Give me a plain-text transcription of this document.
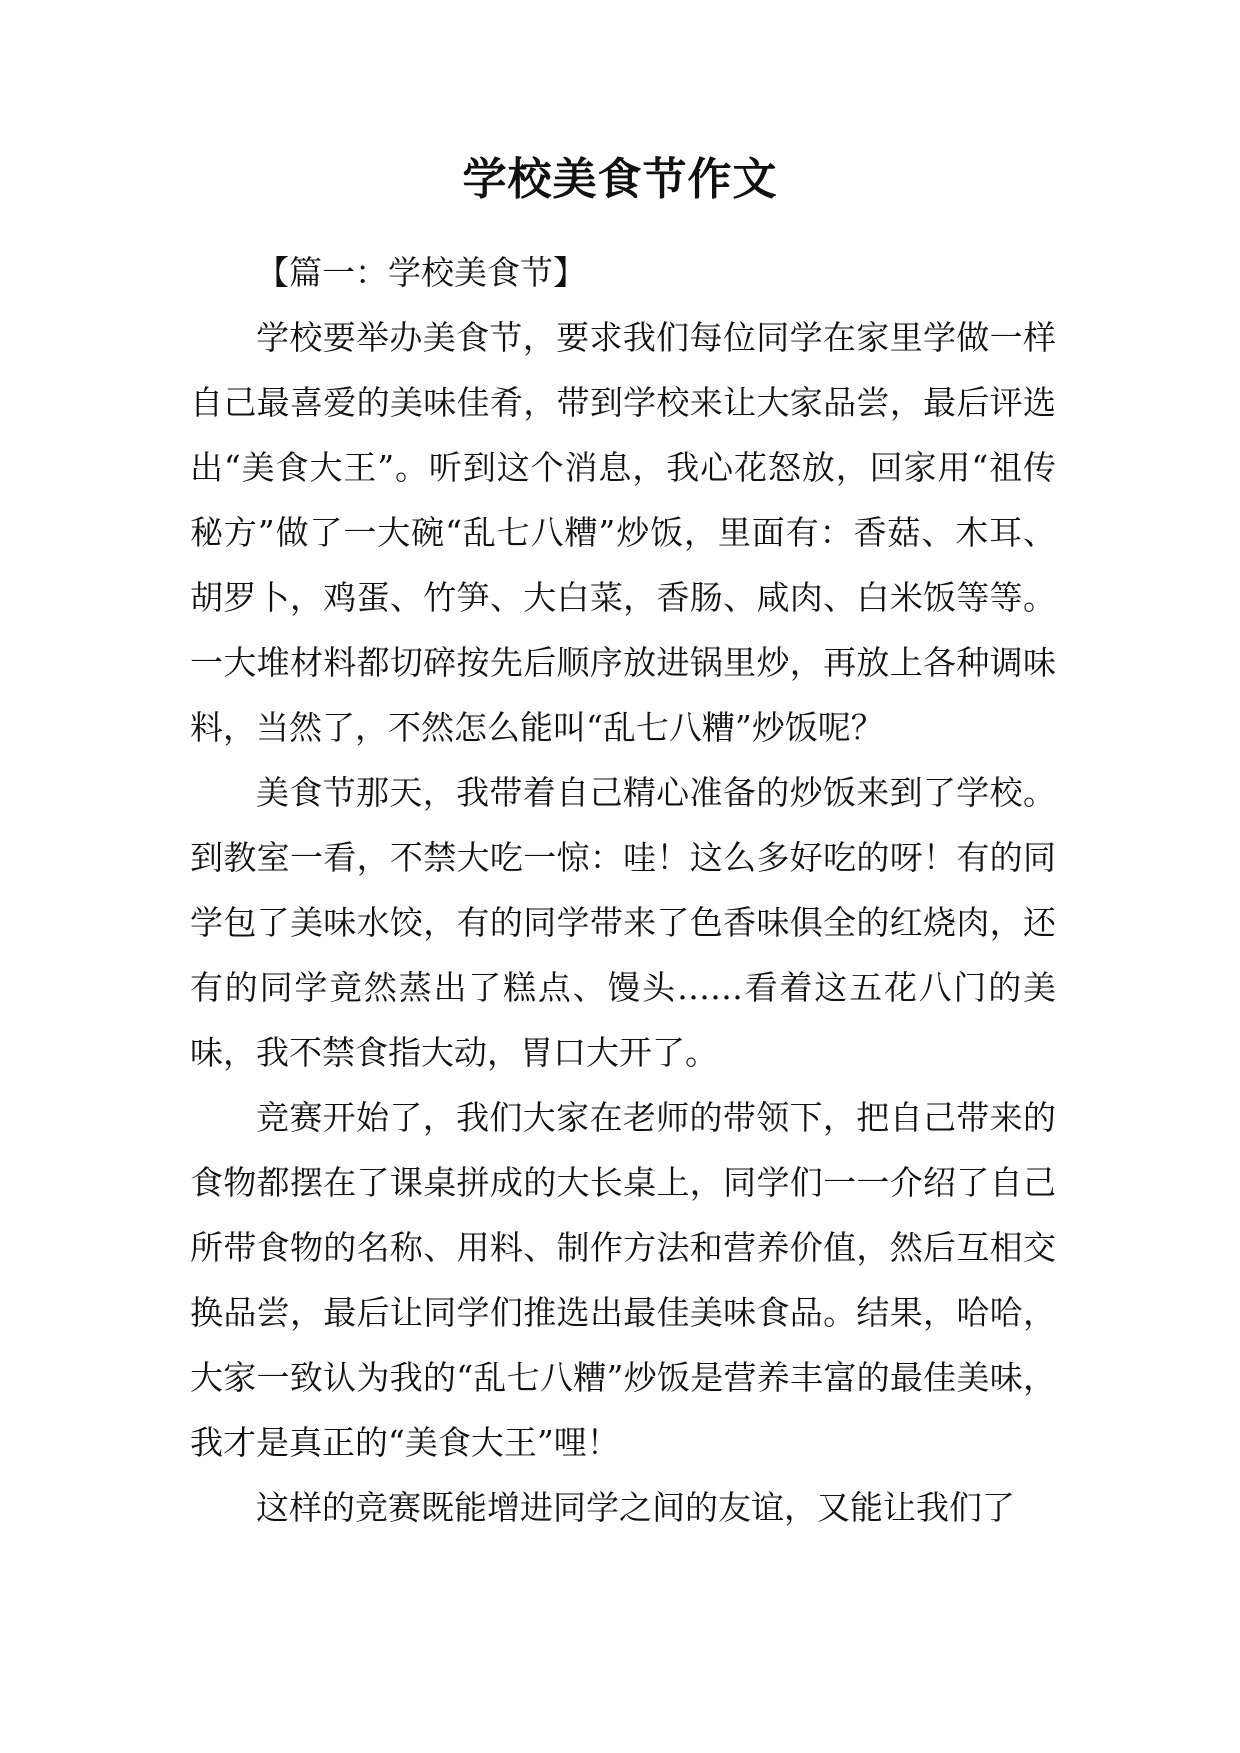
学校美食节作文

【篇一：学校美食节】

学校要举办美食节，要求我们每位同学在家里学做一样自己最喜爱的美味佳肴，带到学校来让大家品尝，最后评选出“美食大王”。听到这个消息，我心花怒放，回家用“祖传秘方”做了一大碗“乱七八糟”炒饭，里面有：香菇、木耳、胡罗卜，鸡蛋、竹笋、大白菜，香肠、咸肉、白米饭等等。一大堆材料都切碎按先后顺序放进锅里炒，再放上各种调味料，当然了，不然怎么能叫“乱七八糟”炒饭呢？

美食节那天，我带着自己精心准备的炒饭来到了学校。到教室一看，不禁大吃一惊：哇！这么多好吃的呀！有的同学包了美味水饺，有的同学带来了色香味俱全的红烧肉，还有的同学竟然蒸出了糕点、馒头……看着这五花八门的美味，我不禁食指大动，胃口大开了。

竞赛开始了，我们大家在老师的带领下，把自己带来的食物都摆在了课桌拼成的大长桌上，同学们一一介绍了自己所带食物的名称、用料、制作方法和营养价值，然后互相交换品尝，最后让同学们推选出最佳美味食品。结果，哈哈，大家一致认为我的“乱七八糟”炒饭是营养丰富的最佳美味，我才是真正的“美食大王”哩！

这样的竞赛既能增进同学之间的友谊，又能让我们了
